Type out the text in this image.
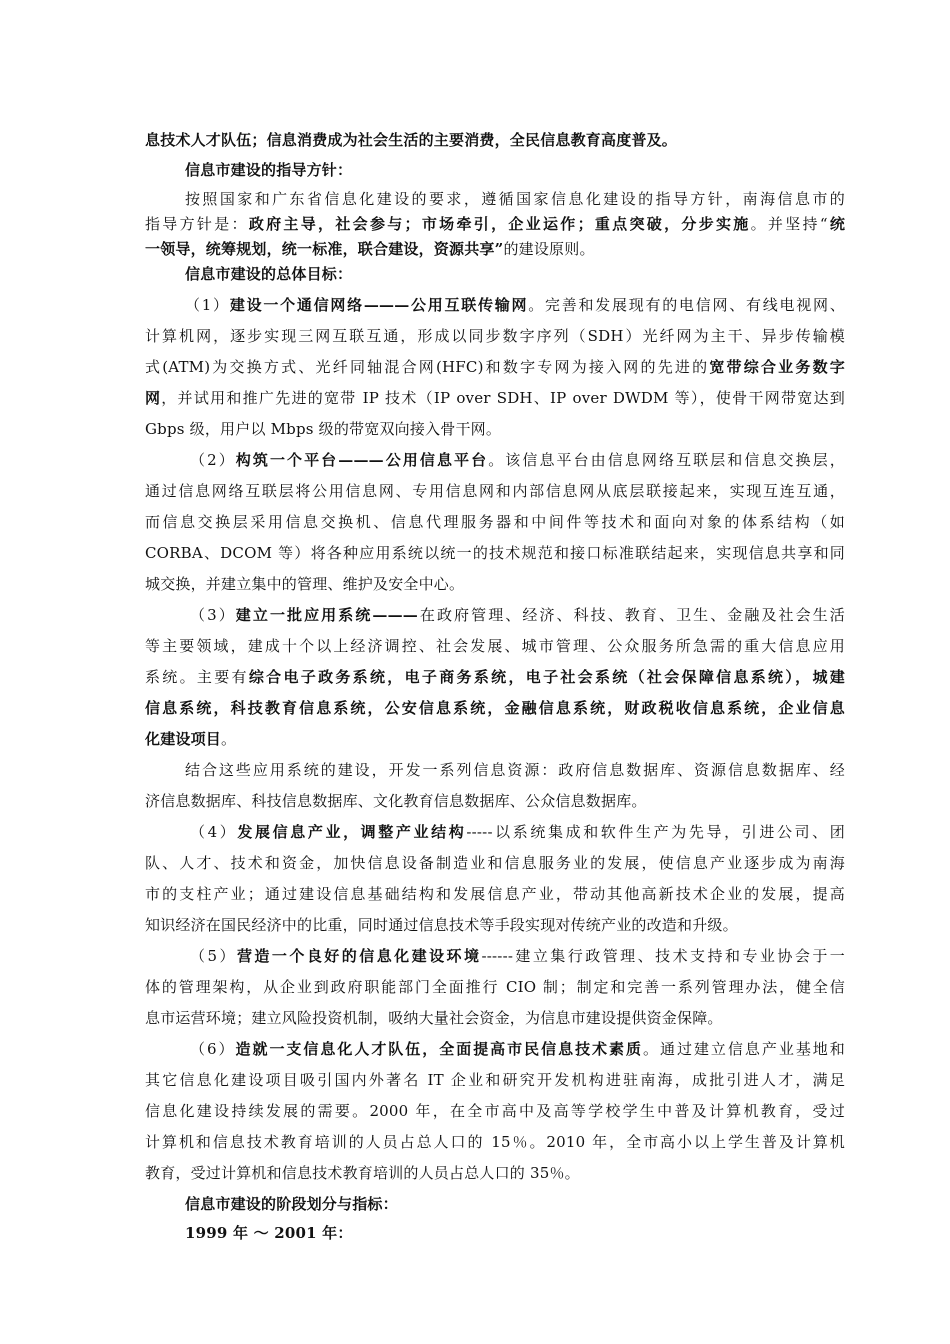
息技术人才队伍；信息消费成为社会生活的主要消费，全民信息教育高度普及。
信息市建设的指导方针：
按照国家和广东省信息化建设的要求，遵循国家信息化建设的指导方针，南海信息市的
指导方针是：政府主导，社会参与；市场牵引，企业运作；重点突破，分步实施。并坚持“统
一领导，统筹规划，统一标准，联合建设，资源共享”的建设原则。
信息市建设的总体目标：
（1）建设一个通信网络———公用互联传输网。完善和发展现有的电信网、有线电视网、
计算机网，逐步实现三网互联互通，形成以同步数字序列（SDH）光纤网为主干、异步传输模
式(ATM)为交换方式、光纤同轴混合网(HFC)和数字专网为接入网的先进的宽带综合业务数字
网，并试用和推广先进的宽带 IP 技术（IP over SDH、IP over DWDM 等），使骨干网带宽达到
Gbps 级，用户以 Mbps 级的带宽双向接入骨干网。
（2）构筑一个平台———公用信息平台。该信息平台由信息网络互联层和信息交换层，
通过信息网络互联层将公用信息网、专用信息网和内部信息网从底层联接起来，实现互连互通，
而信息交换层采用信息交换机、信息代理服务器和中间件等技术和面向对象的体系结构（如
CORBA、DCOM 等）将各种应用系统以统一的技术规范和接口标准联结起来，实现信息共享和同
城交换，并建立集中的管理、维护及安全中心。
（3）建立一批应用系统———在政府管理、经济、科技、教育、卫生、金融及社会生活
等主要领域，建成十个以上经济调控、社会发展、城市管理、公众服务所急需的重大信息应用
系统。主要有综合电子政务系统，电子商务系统，电子社会系统（社会保障信息系统），城建
信息系统，科技教育信息系统，公安信息系统，金融信息系统，财政税收信息系统，企业信息
化建设项目。
结合这些应用系统的建设，开发一系列信息资源：政府信息数据库、资源信息数据库、经
济信息数据库、科技信息数据库、文化教育信息数据库、公众信息数据库。
（4）发展信息产业，调整产业结构-----以系统集成和软件生产为先导，引进公司、团
队、人才、技术和资金，加快信息设备制造业和信息服务业的发展，使信息产业逐步成为南海
市的支柱产业；通过建设信息基础结构和发展信息产业，带动其他高新技术企业的发展，提高
知识经济在国民经济中的比重，同时通过信息技术等手段实现对传统产业的改造和升级。
（5）营造一个良好的信息化建设环境------建立集行政管理、技术支持和专业协会于一
体的管理架构，从企业到政府职能部门全面推行 CIO 制；制定和完善一系列管理办法，健全信
息市运营环境；建立风险投资机制，吸纳大量社会资金，为信息市建设提供资金保障。
（6）造就一支信息化人才队伍，全面提高市民信息技术素质。通过建立信息产业基地和
其它信息化建设项目吸引国内外著名 IT 企业和研究开发机构进驻南海，成批引进人才，满足
信息化建设持续发展的需要。2000 年，在全市高中及高等学校学生中普及计算机教育，受过
计算机和信息技术教育培训的人员占总人口的 15％。2010 年，全市高小以上学生普及计算机
教育，受过计算机和信息技术教育培训的人员占总人口的 35％。
信息市建设的阶段划分与指标：
1999 年 ～ 2001 年：
